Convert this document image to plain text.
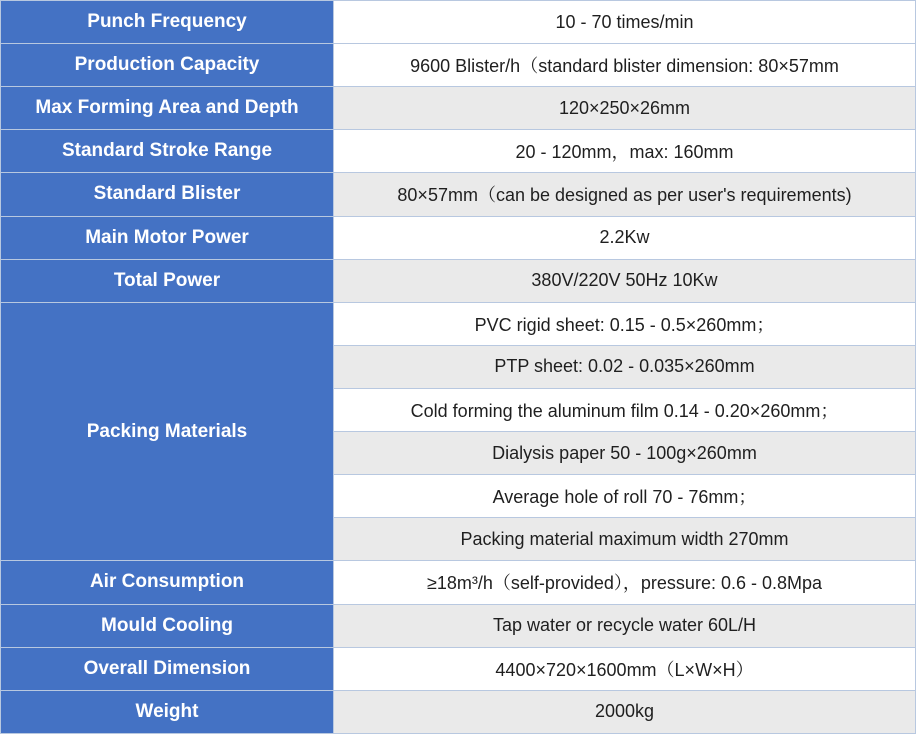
Punch Frequency	10 - 70 times/min
Production Capacity	9600 Blister/h（standard blister dimension: 80×57mm
Max Forming Area and Depth	120×250×26mm
Standard Stroke Range	20 - 120mm，max: 160mm
Standard Blister	80×57mm（can be designed as per user's requirements)
Main Motor Power	2.2Kw
Total Power	380V/220V 50Hz 10Kw
Packing Materials	PVC rigid sheet: 0.15 - 0.5×260mm；
	PTP sheet: 0.02 - 0.035×260mm
	Cold forming the aluminum film 0.14 - 0.20×260mm；
	Dialysis paper 50 - 100g×260mm
	Average hole of roll 70 - 76mm；
	Packing material maximum width 270mm
Air Consumption	≥18m³/h（self-provided），pressure: 0.6 - 0.8Mpa
Mould Cooling	Tap water or recycle water 60L/H
Overall Dimension	4400×720×1600mm（L×W×H）
Weight	2000kg
